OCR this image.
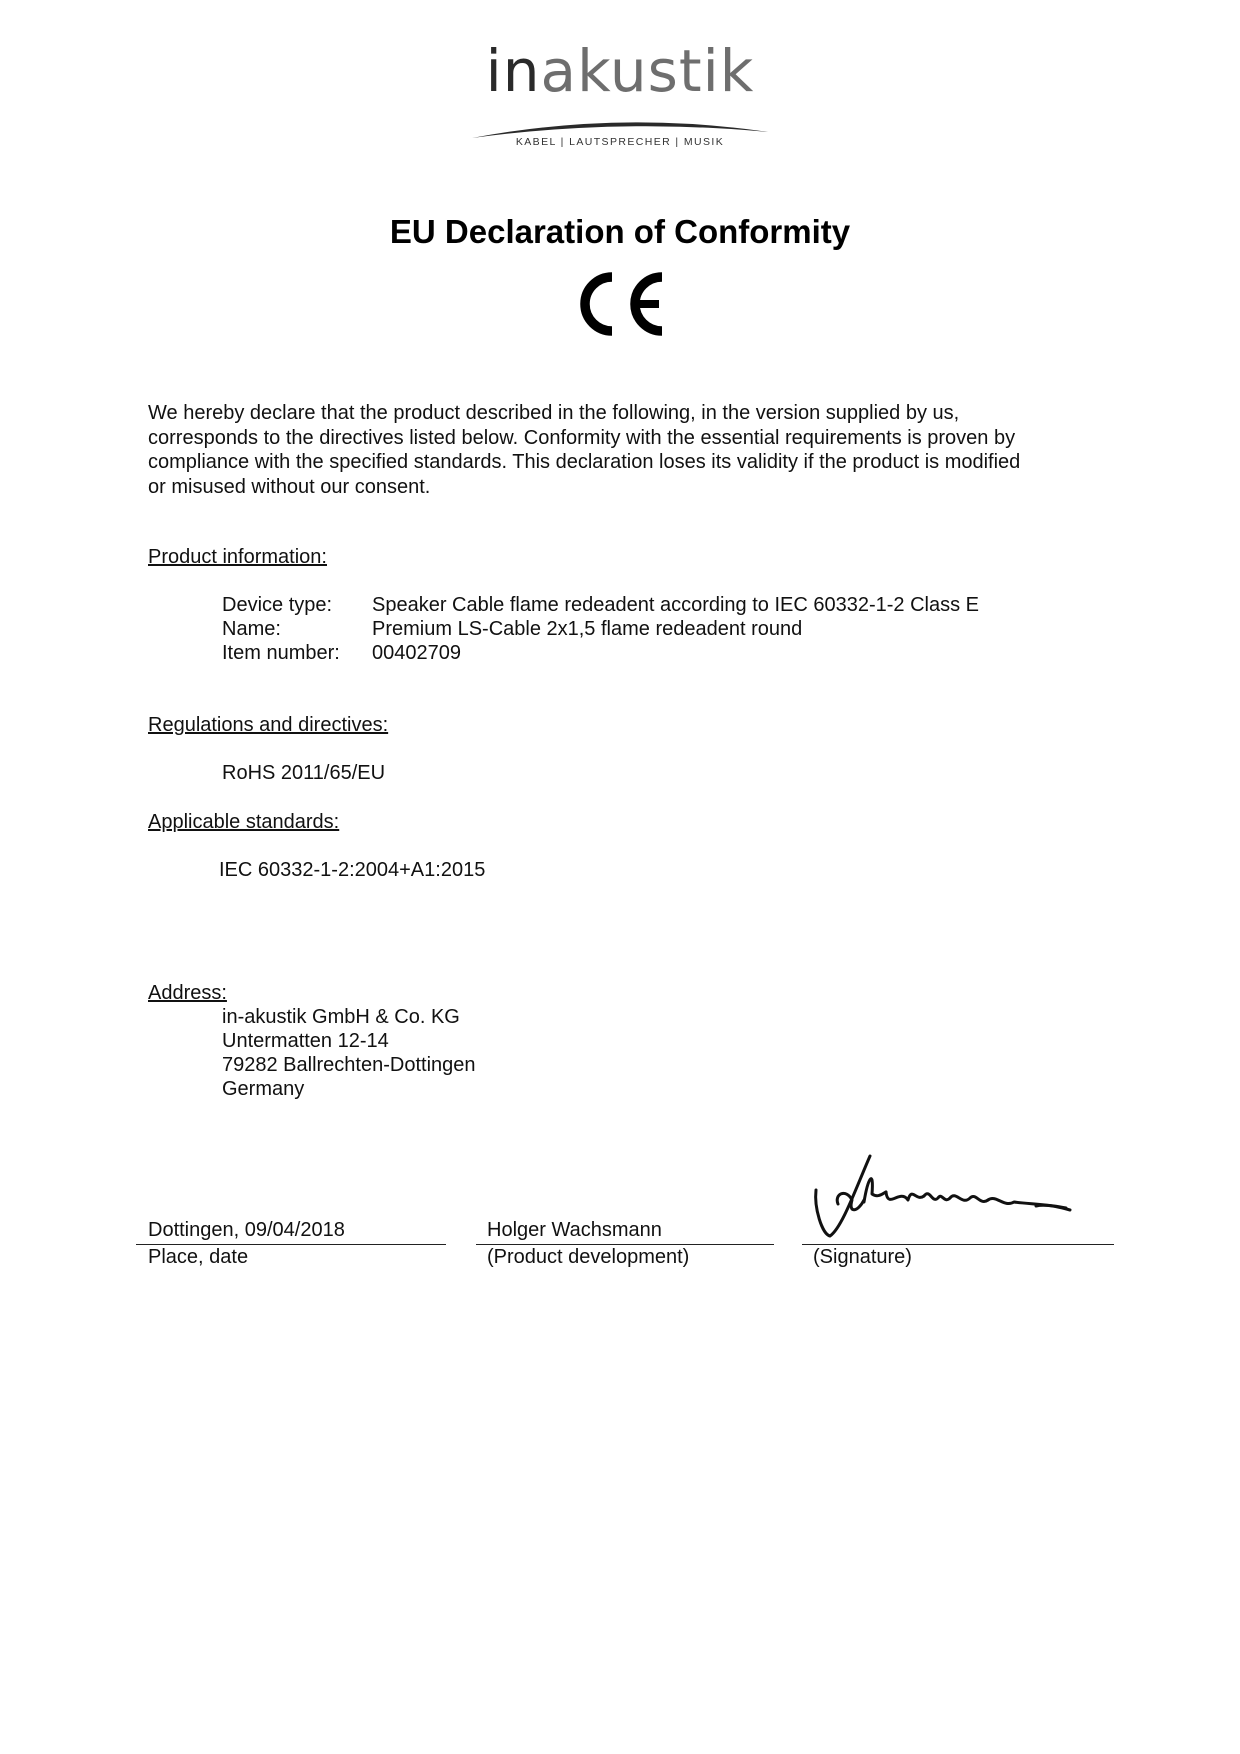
inakustik
KABEL | LAUTSPRECHER | MUSIK
EU Declaration of Conformity

We hereby declare that the product described in the following, in the version supplied by us,
corresponds to the directives listed below. Conformity with the essential requirements is proven by
compliance with the specified standards. This declaration loses its validity if the product is modified
or misused without our consent.

Product information:

Device type: Speaker Cable flame redeadent according to IEC 60332-1-2 Class E
Name:	Premium LS-Cable 2x1,5 flame redeadent round
Item number: 00402709

Regulations and directives:

RoHS 2011/65/EU

Applicable standards:

IEC 60332-1-2:2004+A1:2015

Address:

in-akustik GmbH & Co. KG
Untermatten 12-14
79282 Ballrechten-Dottingen
Germany
Dottingen, 09/04/2018
Place, date
Holger Wachsmann
(Product development)	(Signature)
